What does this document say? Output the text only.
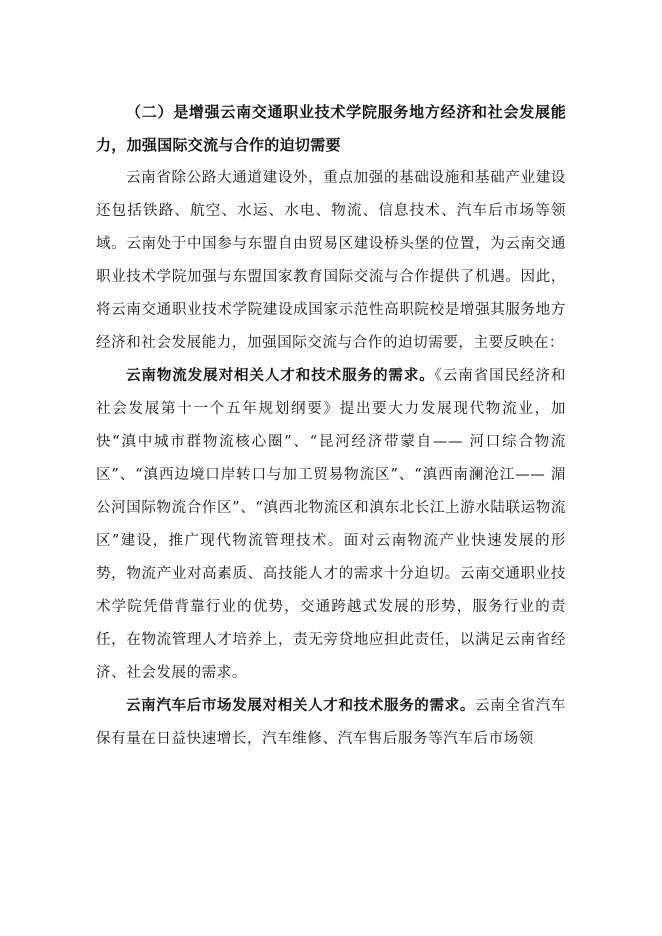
（二）是增强云南交通职业技术学院服务地方经济和社会发展能力，加强国际交流与合作的迫切需要

云南省除公路大通道建设外，重点加强的基础设施和基础产业建设还包括铁路、航空、水运、水电、物流、信息技术、汽车后市场等领域。云南处于中国参与东盟自由贸易区建设桥头堡的位置，为云南交通职业技术学院加强与东盟国家教育国际交流与合作提供了机遇。因此，将云南交通职业技术学院建设成国家示范性高职院校是增强其服务地方经济和社会发展能力，加强国际交流与合作的迫切需要，主要反映在：

云南物流发展对相关人才和技术服务的需求。《云南省国民经济和社会发展第十一个五年规划纲要》提出要大力发展现代物流业，加快“滇中城市群物流核心圈”、“昆河经济带蒙自—— 河口综合物流区”、“滇西边境口岸转口与加工贸易物流区”、“滇西南澜沧江—— 湄公河国际物流合作区”、“滇西北物流区和滇东北长江上游水陆联运物流区”建设，推广现代物流管理技术。面对云南物流产业快速发展的形势，物流产业对高素质、高技能人才的需求十分迫切。云南交通职业技术学院凭借背靠行业的优势，交通跨越式发展的形势，服务行业的责任，在物流管理人才培养上，责无旁贷地应担此责任，以满足云南省经济、社会发展的需求。

云南汽车后市场发展对相关人才和技术服务的需求。云南全省汽车保有量在日益快速增长，汽车维修、汽车售后服务等汽车后市场领
